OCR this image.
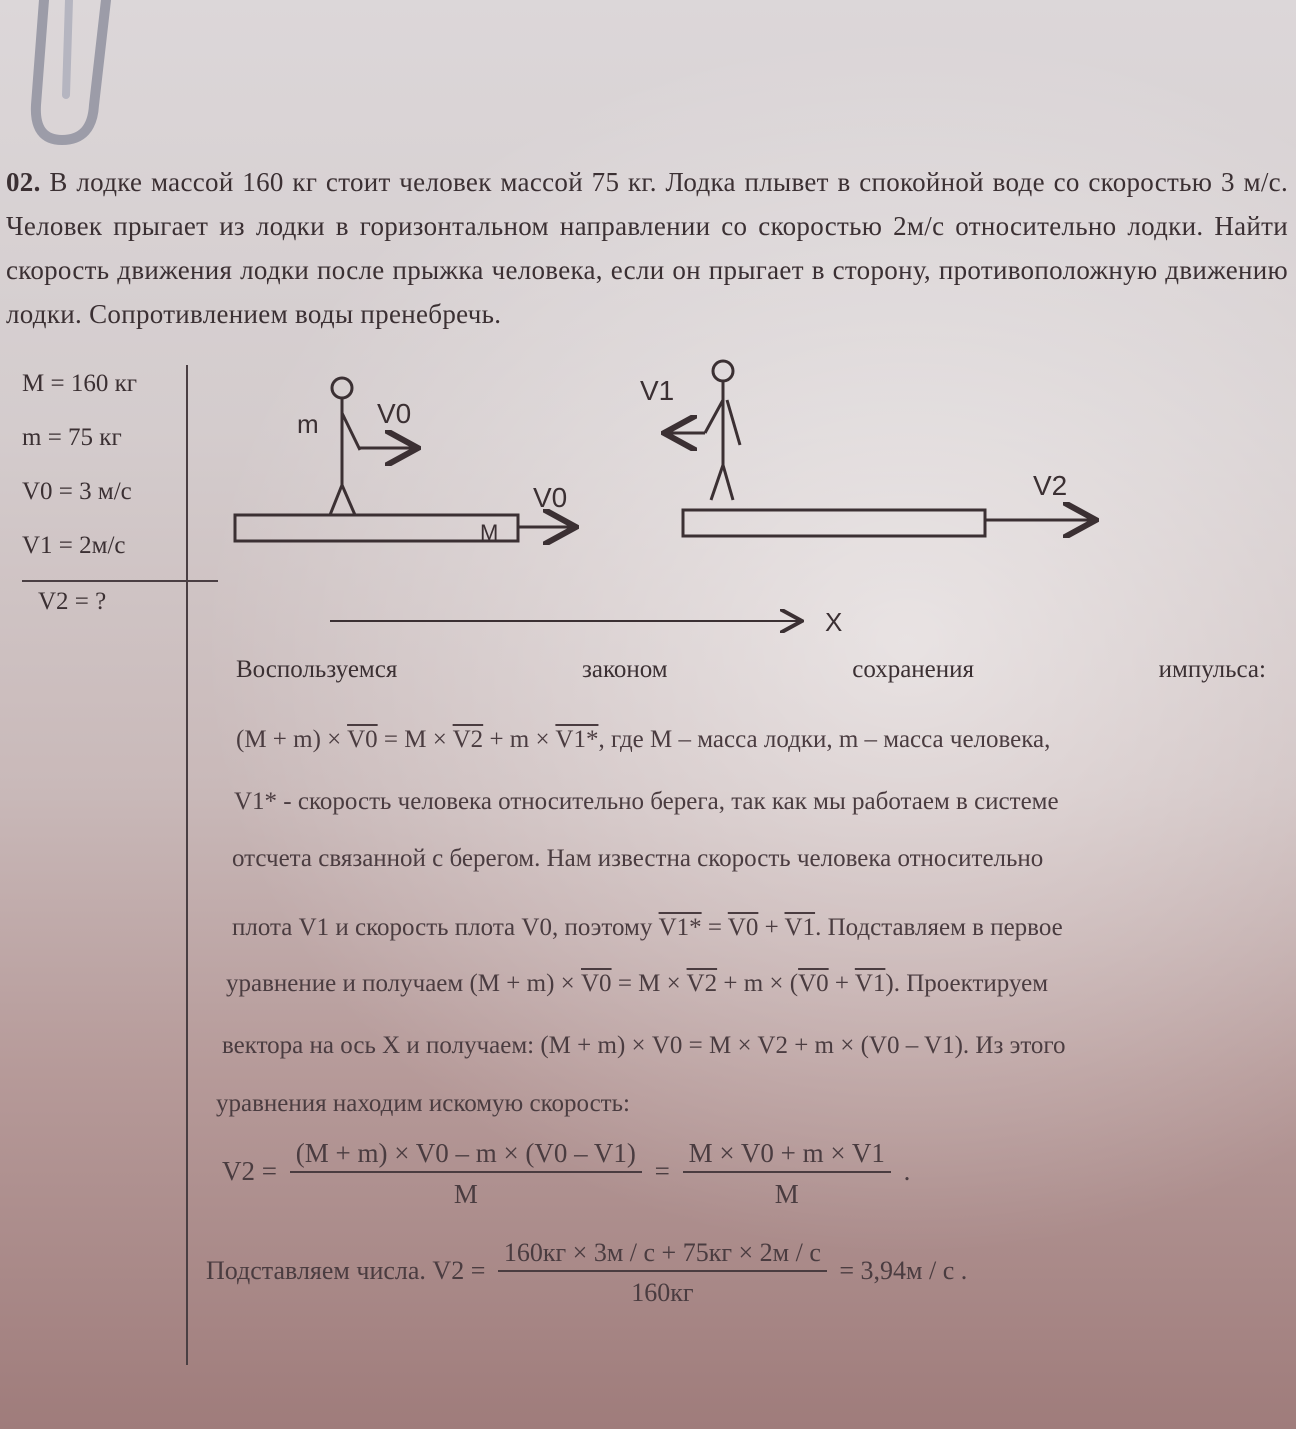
02. В лодке массой 160 кг стоит человек массой 75 кг. Лодка плывет в спокойной воде со скоростью 3 м/с. Человек прыгает из лодки в горизонтальном направлении со скоростью 2м/с относительно лодки. Найти скорость движения лодки после прыжка человека, если он прыгает в сторону, противоположную движению лодки. Сопротивлением воды пренебречь.
M = 160 кг
m = 75 кг
V0 = 3 м/с
V1 = 2м/с
V2 = ?
m V0
M
V0
V1
V2
X
Воспользуемся	законом	сохранения	импульса:
(M + m) × V0 = M × V2 + m × V1*, где M – масса лодки, m – масса человека,
V1* - скорость человека относительно берега, так как мы работаем в системе
отсчета связанной с берегом. Нам известна скорость человека относительно
плота V1 и скорость плота V0, поэтому V1* = V0 + V1. Подставляем в первое
уравнение и получаем (M + m) × V0 = M × V2 + m × (V0 + V1). Проектируем
вектора на ось X и получаем: (M + m) × V0 = M × V2 + m × (V0 – V1). Из этого
уравнения находим искомую скорость:
$V2 = \frac{(M + m) \times V0 - m \times (V0 - V1)}{M} = \frac{M \times V0 + m \times V1}{M}$ .
Подставляем числа. $V2 = \frac{160кг \times 3м / с + 75кг \times 2м / с}{160кг} = 3,94м / с$ .
